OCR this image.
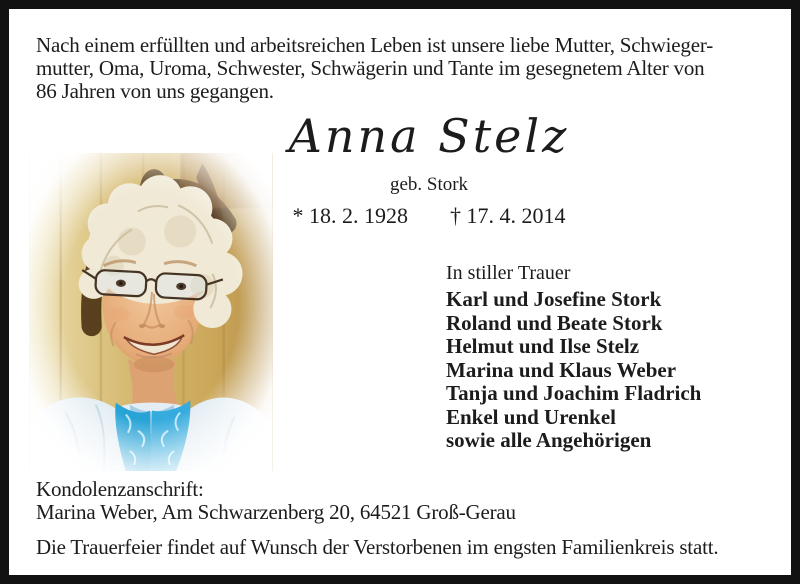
Nach einem erfüllten und arbeitsreichen Leben ist unsere liebe Mutter, Schwieger-
mutter, Oma, Uroma, Schwester, Schwägerin und Tante im gesegnetem Alter von
86 Jahren von uns gegangen.
Anna Stelz
geb. Stork
* 18. 2. 1928 † 17. 4. 2014
In stiller Trauer
Karl und Josefine Stork
Roland und Beate Stork
Helmut und Ilse Stelz
Marina und Klaus Weber
Tanja und Joachim Fladrich
Enkel und Urenkel
sowie alle Angehörigen
Kondolenzanschrift:
Marina Weber, Am Schwarzenberg 20, 64521 Groß-Gerau
Die Trauerfeier findet auf Wunsch der Verstorbenen im engsten Familienkreis statt.
